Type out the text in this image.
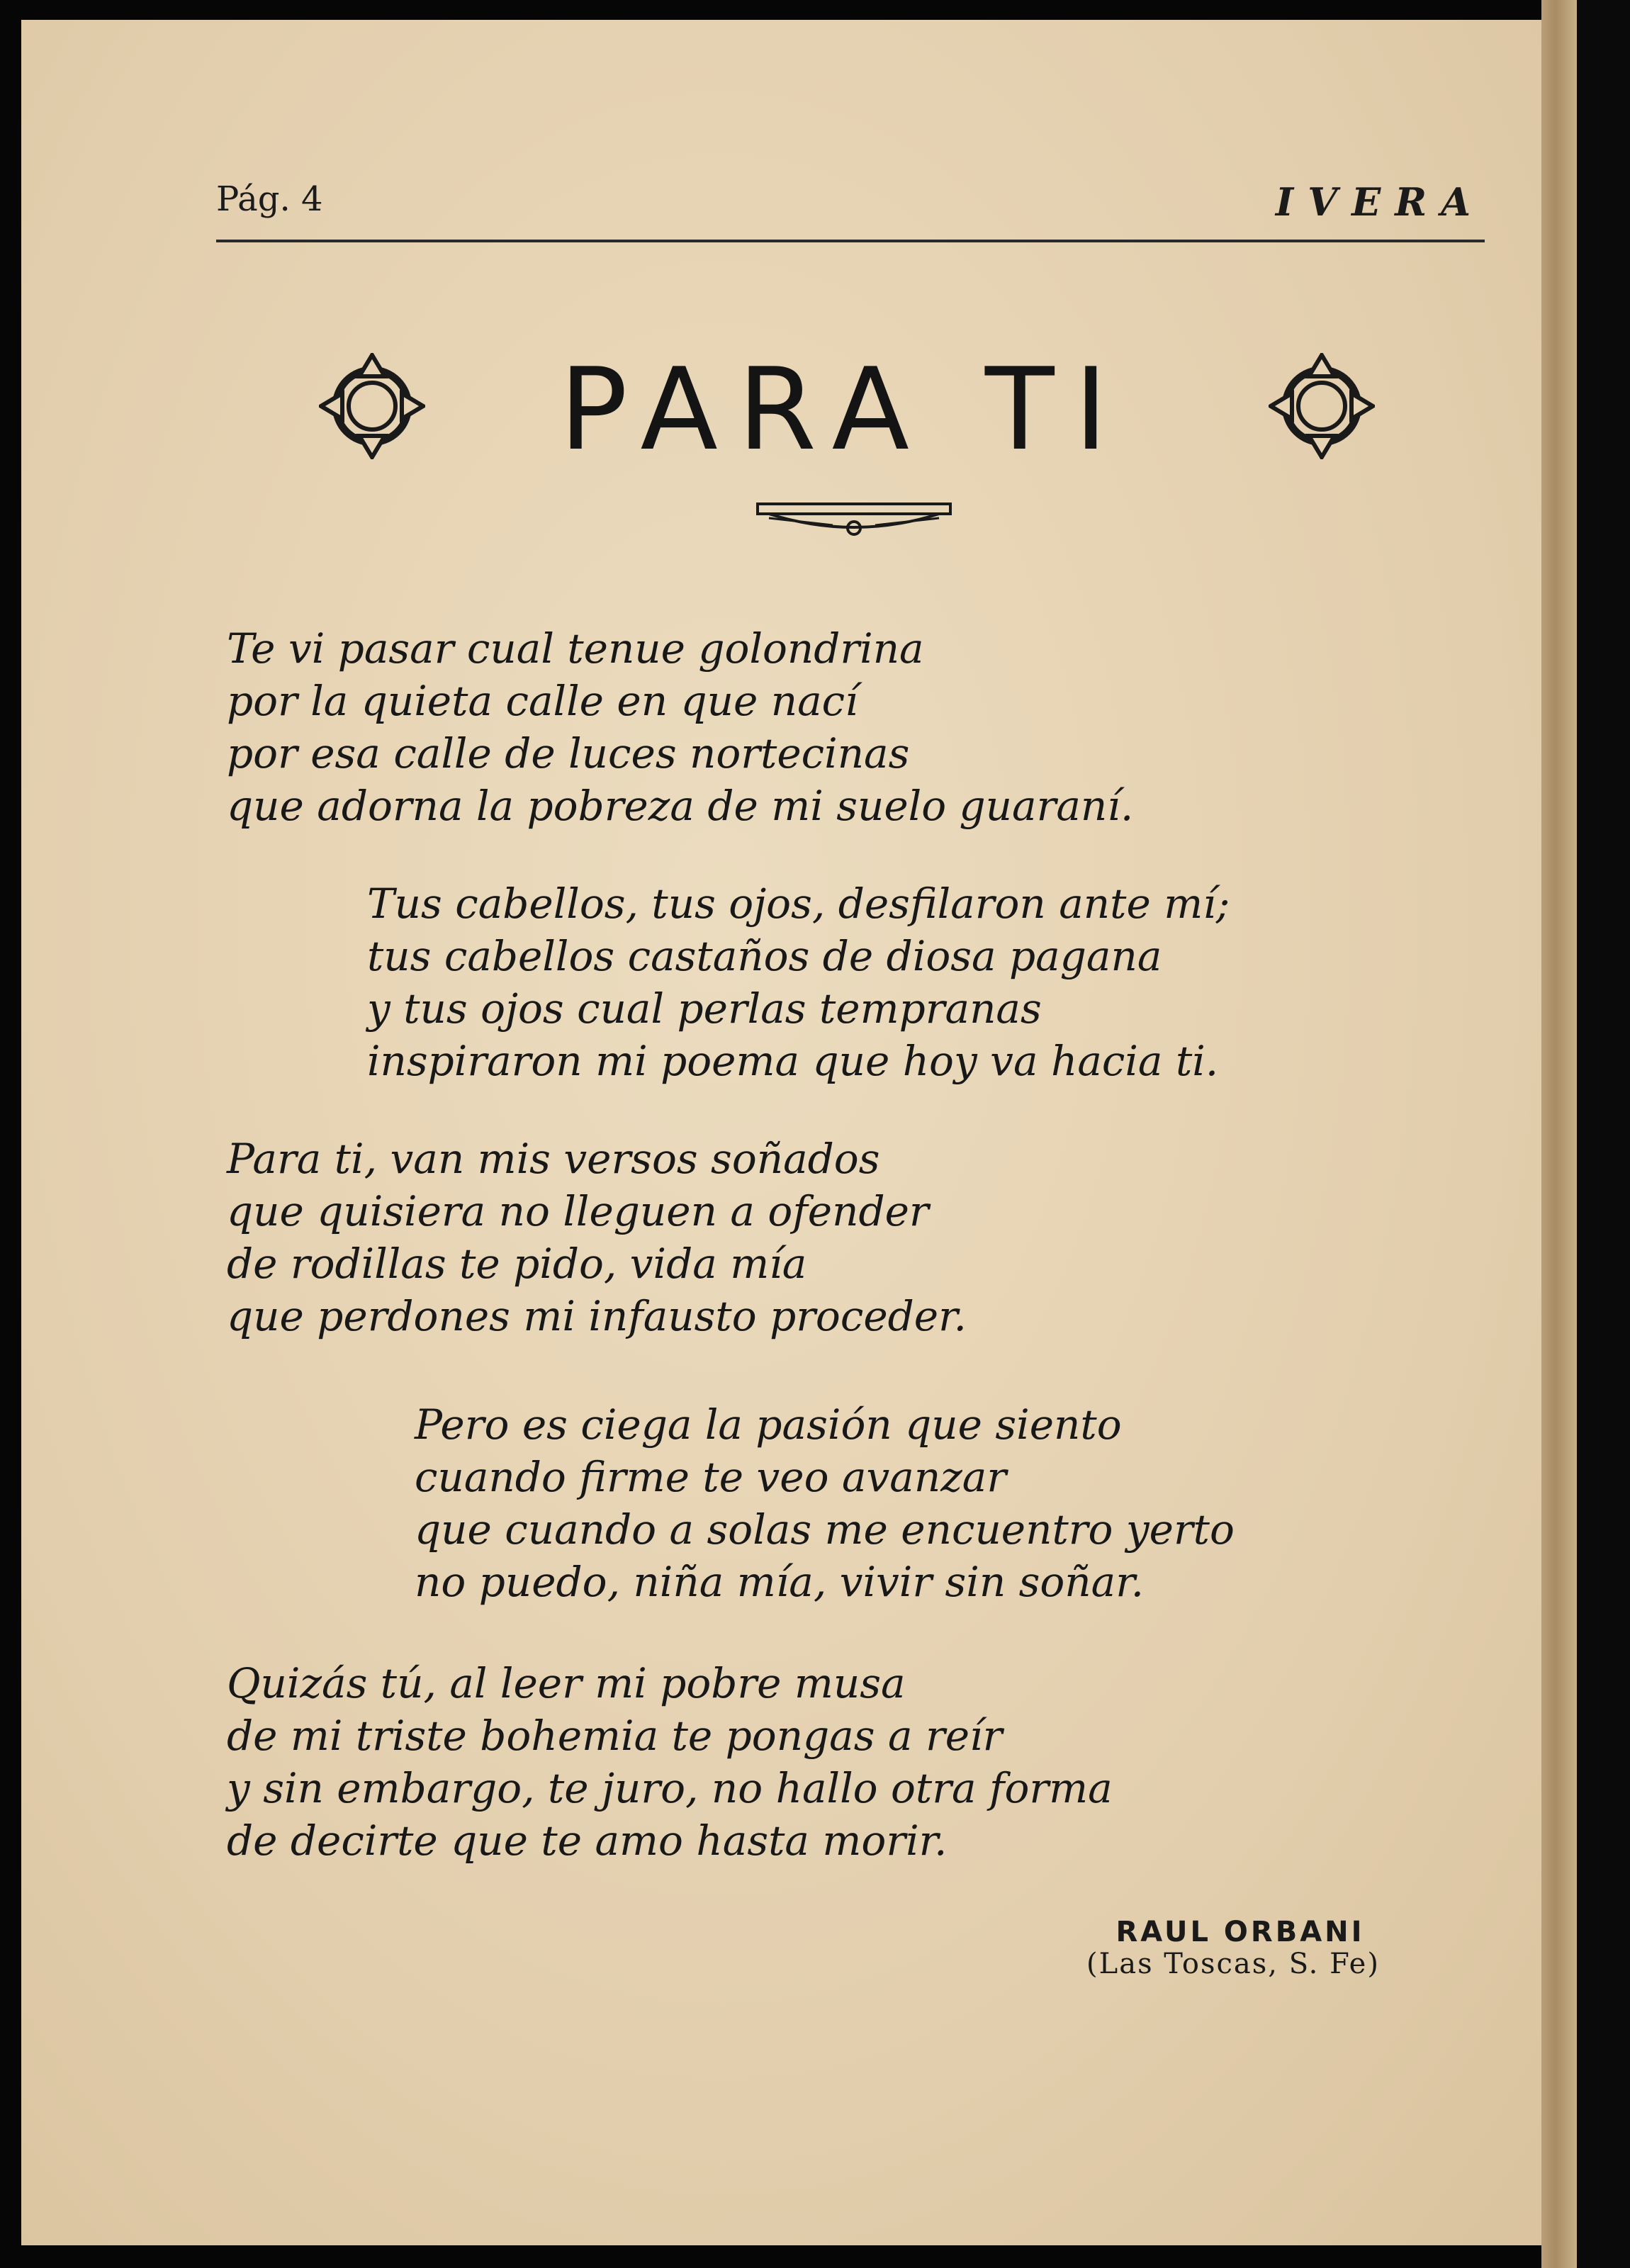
Pág. 4	IVERA
PARA TI
Te vi pasar cual tenue golondrina
por la quieta calle en que nací
por esa calle de luces nortecinas
que adorna la pobreza de mi suelo guaraní.
Tus cabellos, tus ojos, desfilaron ante mí;
tus cabellos castaños de diosa pagana
y tus ojos cual perlas tempranas
inspiraron mi poema que hoy va hacia ti.
Para ti, van mis versos soñados
que quisiera no lleguen a ofender
de rodillas te pido, vida mía
que perdones mi infausto proceder.
Pero es ciega la pasión que siento
cuando firme te veo avanzar
que cuando a solas me encuentro yerto
no puedo, niña mía, vivir sin soñar.
Quizás tú, al leer mi pobre musa
de mi triste bohemia te pongas a reír
y sin embargo, te juro, no hallo otra forma
de decirte que te amo hasta morir.
RAUL ORBANI
(Las Toscas, S. Fe)
